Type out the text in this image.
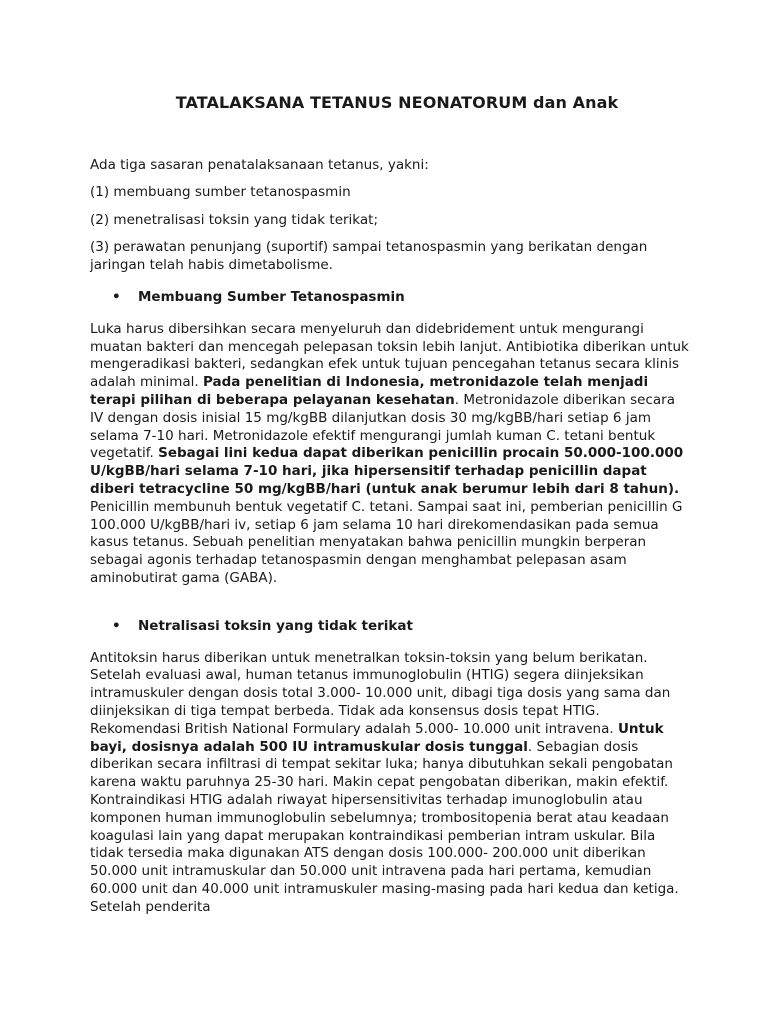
TATALAKSANA TETANUS NEONATORUM dan Anak

Ada tiga sasaran penatalaksanaan tetanus, yakni:

(1) membuang sumber tetanospasmin

(2) menetralisasi toksin yang tidak terikat;

(3) perawatan penunjang (suportif) sampai tetanospasmin yang berikatan dengan jaringan telah habis dimetabolisme.

•	Membuang Sumber Tetanospasmin

Luka harus dibersihkan secara menyeluruh dan didebridement untuk mengurangi muatan bakteri dan mencegah pelepasan toksin lebih lanjut. Antibiotika diberikan untuk mengeradikasi bakteri, sedangkan efek untuk tujuan pencegahan tetanus secara klinis adalah minimal. Pada penelitian di Indonesia, metronidazole telah menjadi terapi pilihan di beberapa pelayanan kesehatan. Metronidazole diberikan secara IV dengan dosis inisial 15 mg/kgBB dilanjutkan dosis 30 mg/kgBB/hari setiap 6 jam selama 7-10 hari. Metronidazole efektif mengurangi jumlah kuman C. tetani bentuk vegetatif. Sebagai lini kedua dapat diberikan penicillin procain 50.000-100.000 U/kgBB/hari selama 7-10 hari, jika hipersensitif terhadap penicillin dapat diberi tetracycline 50 mg/kgBB/hari (untuk anak berumur lebih dari 8 tahun). Penicillin membunuh bentuk vegetatif C. tetani. Sampai saat ini, pemberian penicillin G 100.000 U/kgBB/hari iv, setiap 6 jam selama 10 hari direkomendasikan pada semua kasus tetanus. Sebuah penelitian menyatakan bahwa penicillin mungkin berperan sebagai agonis terhadap tetanospasmin dengan menghambat pelepasan asam aminobutirat gama (GABA).

•	Netralisasi toksin yang tidak terikat

Antitoksin harus diberikan untuk menetralkan toksin-toksin yang belum berikatan. Setelah evaluasi awal, human tetanus immunoglobulin (HTIG) segera diinjeksikan intramuskuler dengan dosis total 3.000- 10.000 unit, dibagi tiga dosis yang sama dan diinjeksikan di tiga tempat berbeda. Tidak ada konsensus dosis tepat HTIG. Rekomendasi British National Formulary adalah 5.000- 10.000 unit intravena. Untuk bayi, dosisnya adalah 500 IU intramuskular dosis tunggal. Sebagian dosis diberikan secara infiltrasi di tempat sekitar luka; hanya dibutuhkan sekali pengobatan karena waktu paruhnya 25-30 hari. Makin cepat pengobatan diberikan, makin efektif. Kontraindikasi HTIG adalah riwayat hipersensitivitas terhadap imunoglobulin atau komponen human immunoglobulin sebelumnya; trombositopenia berat atau keadaan koagulasi lain yang dapat merupakan kontraindikasi pemberian intram uskular. Bila tidak tersedia maka digunakan ATS dengan dosis 100.000- 200.000 unit diberikan 50.000 unit intramuskular dan 50.000 unit intravena pada hari pertama, kemudian 60.000 unit dan 40.000 unit intramuskuler masing-masing pada hari kedua dan ketiga. Setelah penderita
